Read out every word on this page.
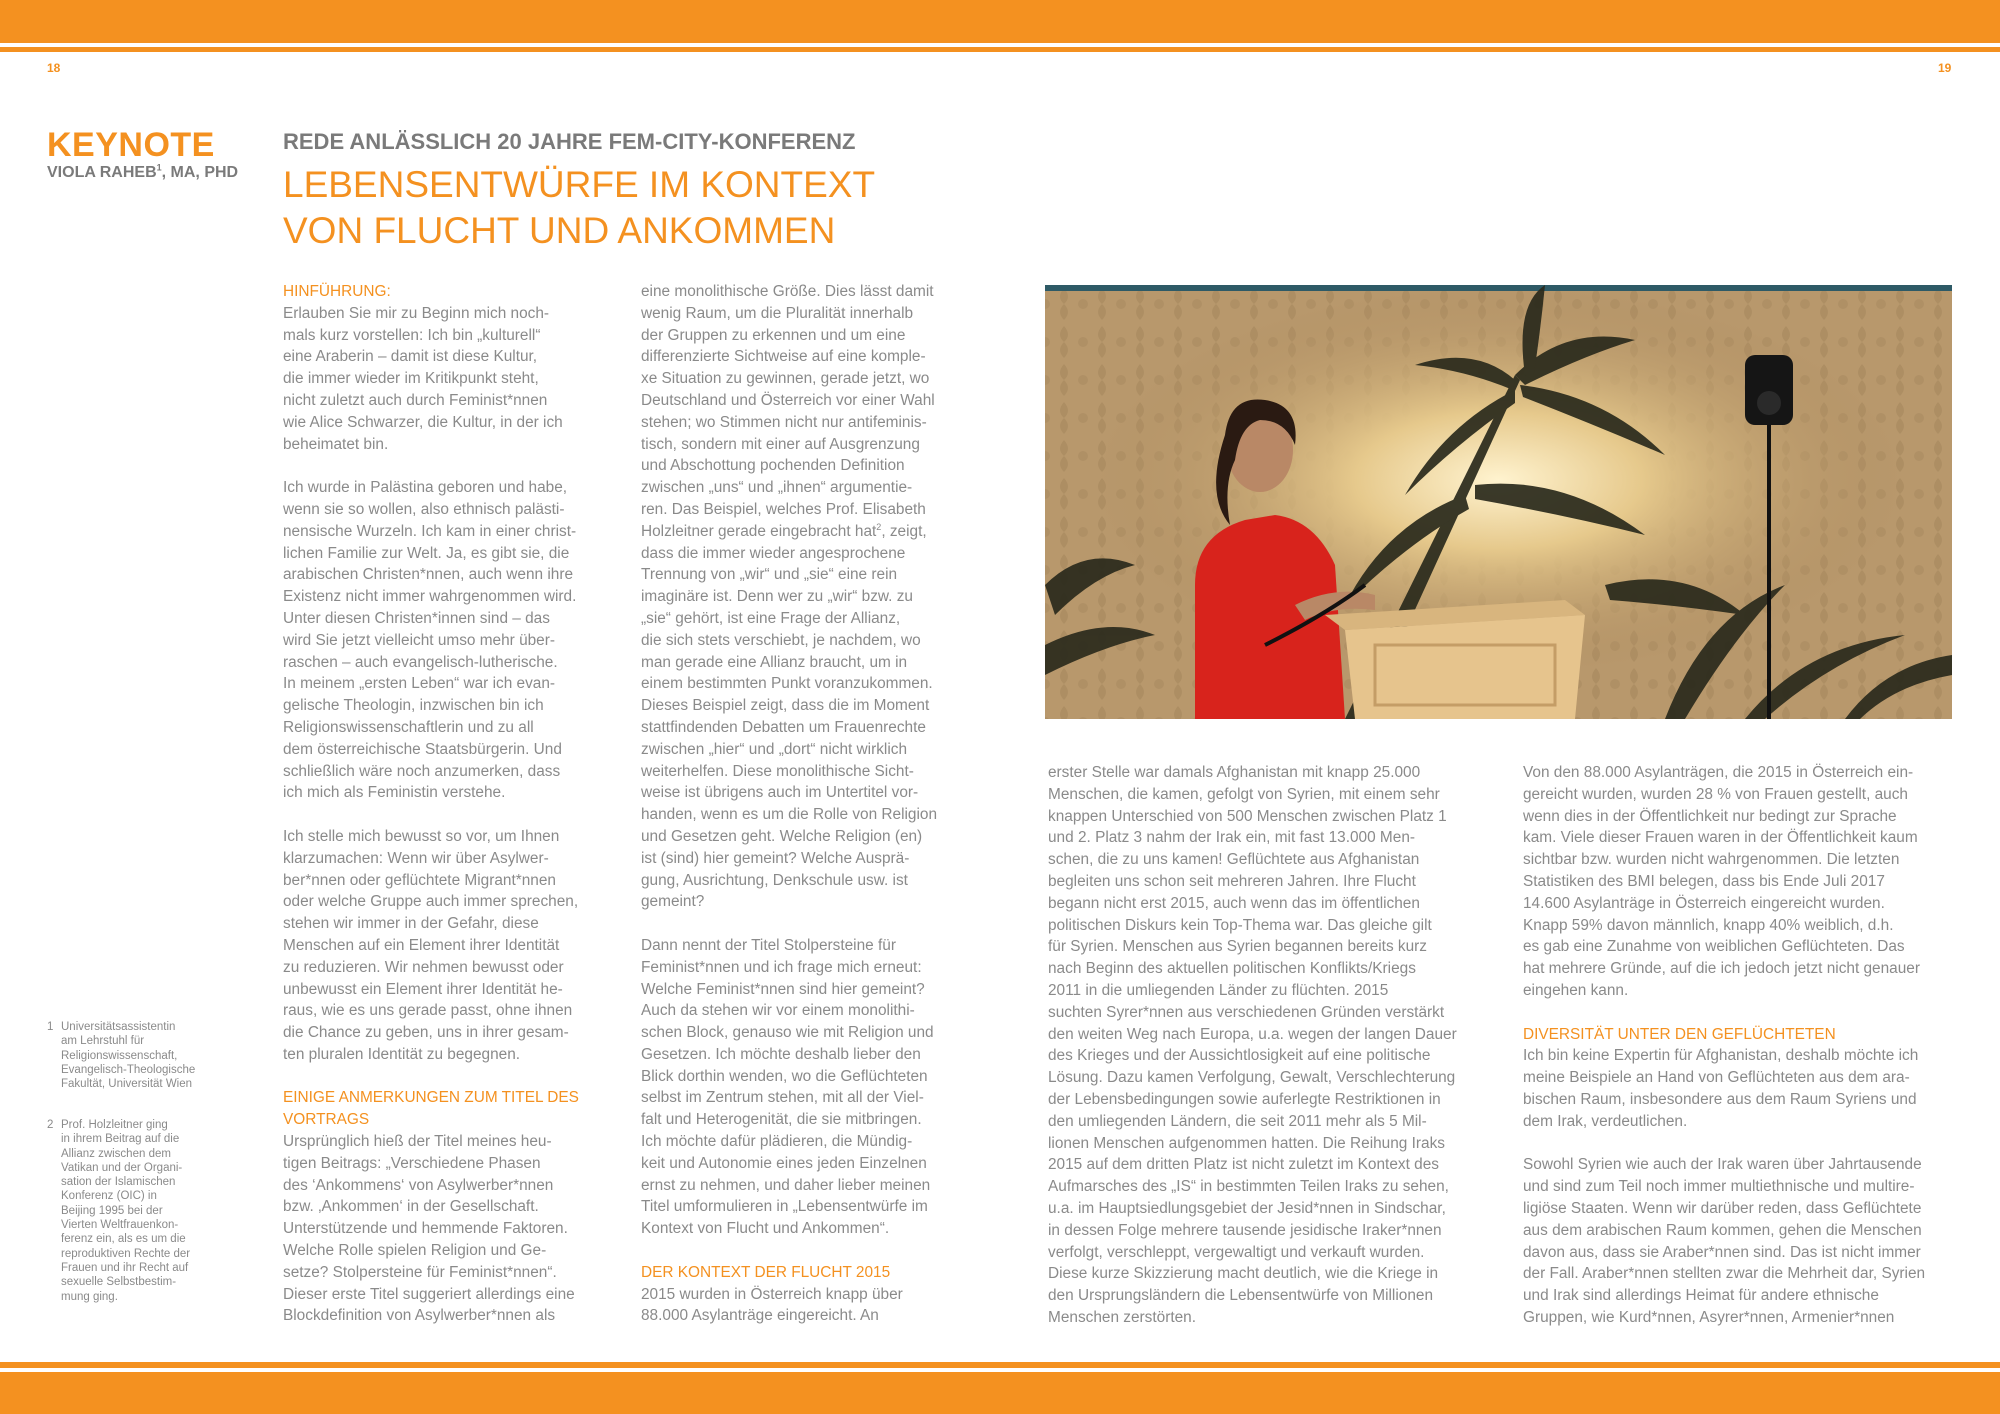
18	19
KEYNOTE
VIOLA RAHEB$^1$, MA, PHD
REDE ANLÄSSLICH 20 JAHRE FEM-CITY-KONFERENZ
LEBENSENTWÜRFE IM KONTEXT
VON FLUCHT UND ANKOMMEN
1 Universitätsassistentin
am Lehrstuhl für
Religionswissenschaft,
Evangelisch-Theologische
Fakultät, Universität Wien
2 Prof. Holzleitner ging
in ihrem Beitrag auf die
Allianz zwischen dem
Vatikan und der Organi-
sation der Islamischen
Konferenz (OIC) in
Beijing 1995 bei der
Vierten Weltfrauenkon-
ferenz ein, als es um die
reproduktiven Rechte der
Frauen und ihr Recht auf
sexuelle Selbstbestim-
mung ging.
HINFÜHRUNG:
Erlauben Sie mir zu Beginn mich noch-
mals kurz vorstellen: Ich bin „kulturell“
eine Araberin – damit ist diese Kultur,
die immer wieder im Kritikpunkt steht,
nicht zuletzt auch durch Feminist*nnen
wie Alice Schwarzer, die Kultur, in der ich
beheimatet bin.
Ich wurde in Palästina geboren und habe,
wenn sie so wollen, also ethnisch palästi-
nensische Wurzeln. Ich kam in einer christ-
lichen Familie zur Welt. Ja, es gibt sie, die
arabischen Christen*nnen, auch wenn ihre
Existenz nicht immer wahrgenommen wird.
Unter diesen Christen*innen sind – das
wird Sie jetzt vielleicht umso mehr über-
raschen – auch evangelisch-lutherische.
In meinem „ersten Leben“ war ich evan-
gelische Theologin, inzwischen bin ich
Religionswissenschaftlerin und zu all
dem österreichische Staatsbürgerin. Und
schließlich wäre noch anzumerken, dass
ich mich als Feministin verstehe.
Ich stelle mich bewusst so vor, um Ihnen
klarzumachen: Wenn wir über Asylwer-
ber*nnen oder geflüchtete Migrant*nnen
oder welche Gruppe auch immer sprechen,
stehen wir immer in der Gefahr, diese
Menschen auf ein Element ihrer Identität
zu reduzieren. Wir nehmen bewusst oder
unbewusst ein Element ihrer Identität he-
raus, wie es uns gerade passt, ohne ihnen
die Chance zu geben, uns in ihrer gesam-
ten pluralen Identität zu begegnen.
EINIGE ANMERKUNGEN ZUM TITEL DES
VORTRAGS
Ursprünglich hieß der Titel meines heu-
tigen Beitrags: „Verschiedene Phasen
des ‘Ankommens‘ von Asylwerber*nnen
bzw. ‚Ankommen‘ in der Gesellschaft.
Unterstützende und hemmende Faktoren.
Welche Rolle spielen Religion und Ge-
setze? Stolpersteine für Feminist*nnen“.
Dieser erste Titel suggeriert allerdings eine
Blockdefinition von Asylwerber*nnen als
eine monolithische Größe. Dies lässt damit
wenig Raum, um die Pluralität innerhalb
der Gruppen zu erkennen und um eine
differenzierte Sichtweise auf eine komple-
xe Situation zu gewinnen, gerade jetzt, wo
Deutschland und Österreich vor einer Wahl
stehen; wo Stimmen nicht nur antifeminis-
tisch, sondern mit einer auf Ausgrenzung
und Abschottung pochenden Definition
zwischen „uns“ und „ihnen“ argumentie-
ren. Das Beispiel, welches Prof. Elisabeth
Holzleitner gerade eingebracht hat$^2$, zeigt,
dass die immer wieder angesprochene
Trennung von „wir“ und „sie“ eine rein
imaginäre ist. Denn wer zu „wir“ bzw. zu
„sie“ gehört, ist eine Frage der Allianz,
die sich stets verschiebt, je nachdem, wo
man gerade eine Allianz braucht, um in
einem bestimmten Punkt voranzukommen.
Dieses Beispiel zeigt, dass die im Moment
stattfindenden Debatten um Frauenrechte
zwischen „hier“ und „dort“ nicht wirklich
weiterhelfen. Diese monolithische Sicht-
weise ist übrigens auch im Untertitel vor-
handen, wenn es um die Rolle von Religion
und Gesetzen geht. Welche Religion (en)
ist (sind) hier gemeint? Welche Ausprä-
gung, Ausrichtung, Denkschule usw. ist
gemeint?
Dann nennt der Titel Stolpersteine für
Feminist*nnen und ich frage mich erneut:
Welche Feminist*nnen sind hier gemeint?
Auch da stehen wir vor einem monolithi-
schen Block, genauso wie mit Religion und
Gesetzen. Ich möchte deshalb lieber den
Blick dorthin wenden, wo die Geflüchteten
selbst im Zentrum stehen, mit all der Viel-
falt und Heterogenität, die sie mitbringen.
Ich möchte dafür plädieren, die Mündig-
keit und Autonomie eines jeden Einzelnen
ernst zu nehmen, und daher lieber meinen
Titel umformulieren in „Lebensentwürfe im
Kontext von Flucht und Ankommen“.
DER KONTEXT DER FLUCHT 2015
2015 wurden in Österreich knapp über
88.000 Asylanträge eingereicht. An
erster Stelle war damals Afghanistan mit knapp 25.000
Menschen, die kamen, gefolgt von Syrien, mit einem sehr
knappen Unterschied von 500 Menschen zwischen Platz 1
und 2. Platz 3 nahm der Irak ein, mit fast 13.000 Men-
schen, die zu uns kamen! Geflüchtete aus Afghanistan
begleiten uns schon seit mehreren Jahren. Ihre Flucht
begann nicht erst 2015, auch wenn das im öffentlichen
politischen Diskurs kein Top-Thema war. Das gleiche gilt
für Syrien. Menschen aus Syrien begannen bereits kurz
nach Beginn des aktuellen politischen Konflikts/Kriegs
2011 in die umliegenden Länder zu flüchten. 2015
suchten Syrer*nnen aus verschiedenen Gründen verstärkt
den weiten Weg nach Europa, u.a. wegen der langen Dauer
des Krieges und der Aussichtlosigkeit auf eine politische
Lösung. Dazu kamen Verfolgung, Gewalt, Verschlechterung
der Lebensbedingungen sowie auferlegte Restriktionen in
den umliegenden Ländern, die seit 2011 mehr als 5 Mil-
lionen Menschen aufgenommen hatten. Die Reihung Iraks
2015 auf dem dritten Platz ist nicht zuletzt im Kontext des
Aufmarsches des „IS“ in bestimmten Teilen Iraks zu sehen,
u.a. im Hauptsiedlungsgebiet der Jesid*nnen in Sindschar,
in dessen Folge mehrere tausende jesidische Iraker*nnen
verfolgt, verschleppt, vergewaltigt und verkauft wurden.
Diese kurze Skizzierung macht deutlich, wie die Kriege in
den Ursprungsländern die Lebensentwürfe von Millionen
Menschen zerstörten.
Von den 88.000 Asylanträgen, die 2015 in Österreich ein-
gereicht wurden, wurden 28 % von Frauen gestellt, auch
wenn dies in der Öffentlichkeit nur bedingt zur Sprache
kam. Viele dieser Frauen waren in der Öffentlichkeit kaum
sichtbar bzw. wurden nicht wahrgenommen. Die letzten
Statistiken des BMI belegen, dass bis Ende Juli 2017
14.600 Asylanträge in Österreich eingereicht wurden.
Knapp 59% davon männlich, knapp 40% weiblich, d.h.
es gab eine Zunahme von weiblichen Geflüchteten. Das
hat mehrere Gründe, auf die ich jedoch jetzt nicht genauer
eingehen kann.
DIVERSITÄT UNTER DEN GEFLÜCHTETEN
Ich bin keine Expertin für Afghanistan, deshalb möchte ich
meine Beispiele an Hand von Geflüchteten aus dem ara-
bischen Raum, insbesondere aus dem Raum Syriens und
dem Irak, verdeutlichen.
Sowohl Syrien wie auch der Irak waren über Jahrtausende
und sind zum Teil noch immer multiethnische und multire-
ligiöse Staaten. Wenn wir darüber reden, dass Geflüchtete
aus dem arabischen Raum kommen, gehen die Menschen
davon aus, dass sie Araber*nnen sind. Das ist nicht immer
der Fall. Araber*nnen stellten zwar die Mehrheit dar, Syrien
und Irak sind allerdings Heimat für andere ethnische
Gruppen, wie Kurd*nnen, Asyrer*nnen, Armenier*nnen
